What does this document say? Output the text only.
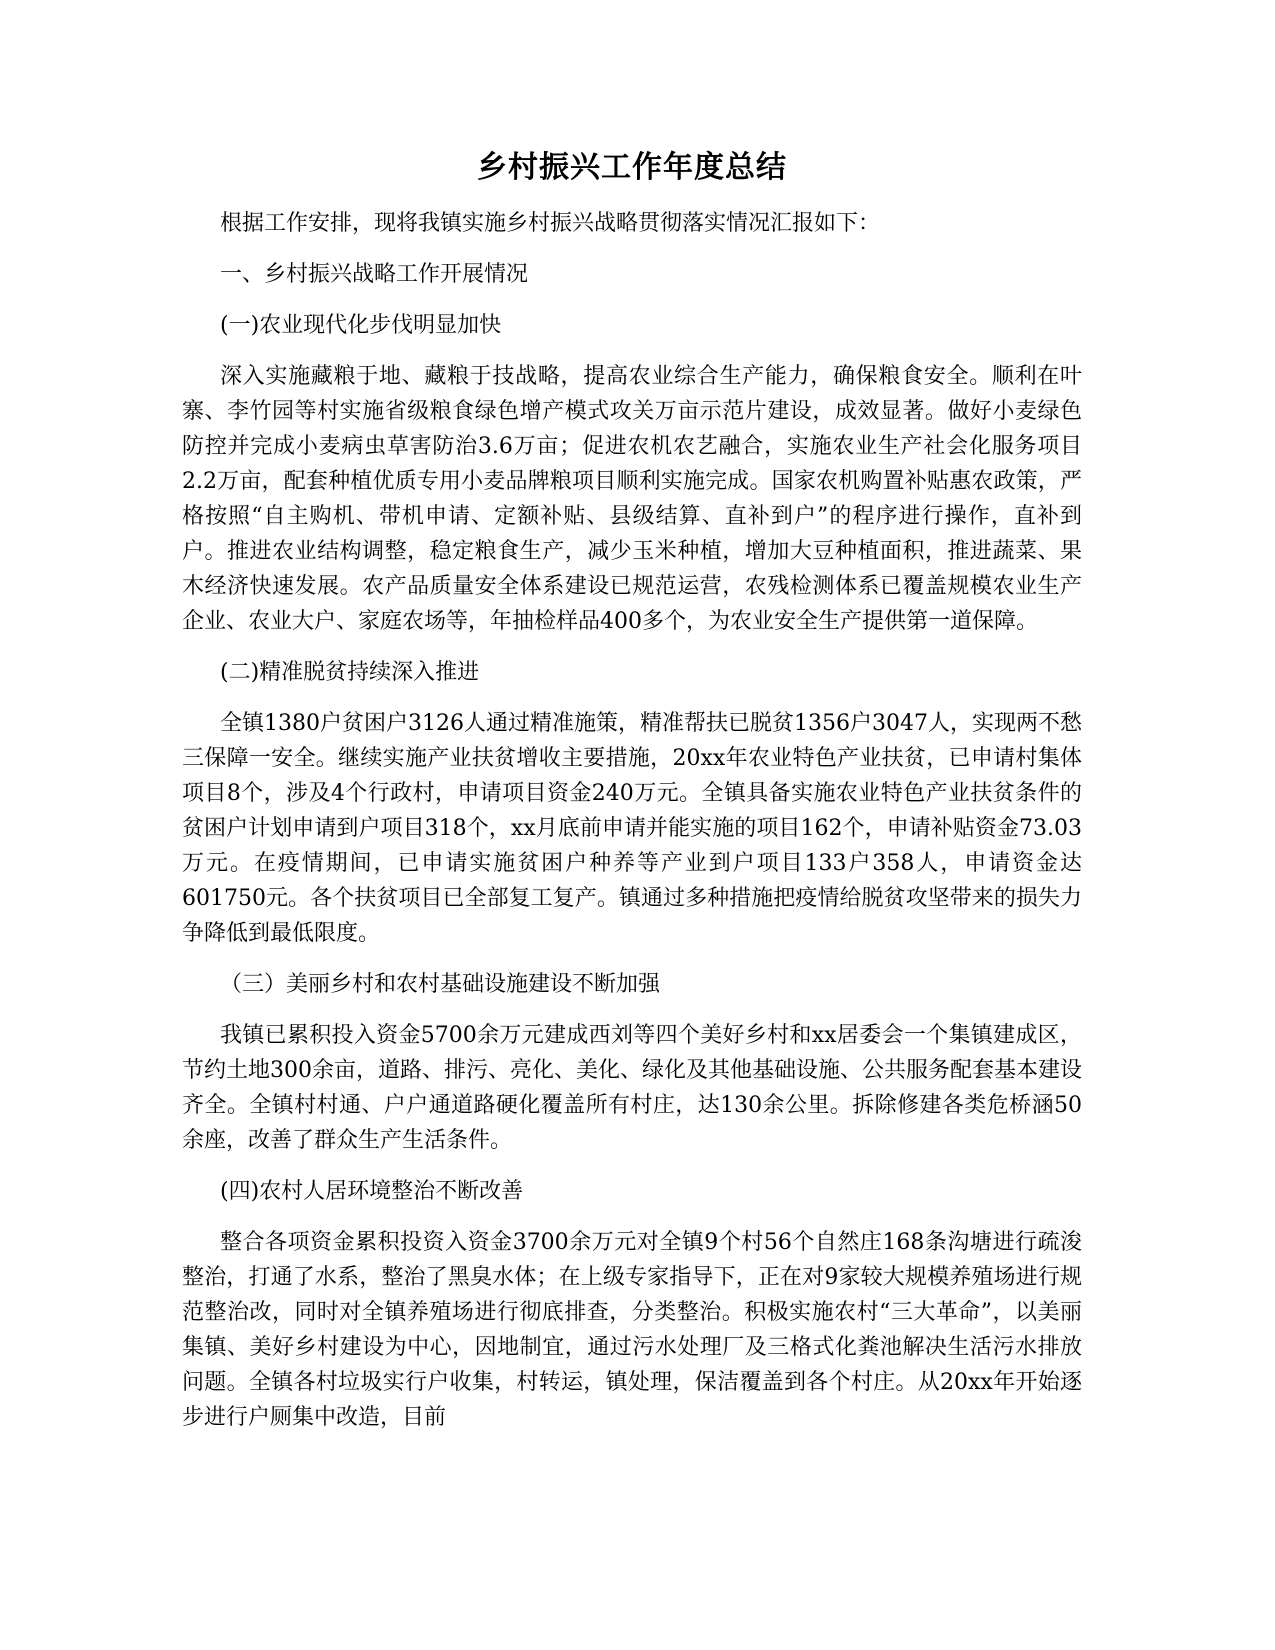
乡村振兴工作年度总结

根据工作安排，现将我镇实施乡村振兴战略贯彻落实情况汇报如下：

一、乡村振兴战略工作开展情况

(一)农业现代化步伐明显加快

深入实施藏粮于地、藏粮于技战略，提高农业综合生产能力，确保粮食安全。顺利在叶寨、李竹园等村实施省级粮食绿色增产模式攻关万亩示范片建设，成效显著。做好小麦绿色防控并完成小麦病虫草害防治3.6万亩；促进农机农艺融合，实施农业生产社会化服务项目2.2万亩，配套种植优质专用小麦品牌粮项目顺利实施完成。国家农机购置补贴惠农政策，严格按照“自主购机、带机申请、定额补贴、县级结算、直补到户”的程序进行操作，直补到户。推进农业结构调整，稳定粮食生产，减少玉米种植，增加大豆种植面积，推进蔬菜、果木经济快速发展。农产品质量安全体系建设已规范运营，农残检测体系已覆盖规模农业生产企业、农业大户、家庭农场等，年抽检样品400多个，为农业安全生产提供第一道保障。

(二)精准脱贫持续深入推进

全镇1380户贫困户3126人通过精准施策，精准帮扶已脱贫1356户3047人，实现两不愁三保障一安全。继续实施产业扶贫增收主要措施，20xx年农业特色产业扶贫，已申请村集体项目8个，涉及4个行政村，申请项目资金240万元。全镇具备实施农业特色产业扶贫条件的贫困户计划申请到户项目318个，xx月底前申请并能实施的项目162个，申请补贴资金73.03万元。在疫情期间，已申请实施贫困户种养等产业到户项目133户358人，申请资金达601750元。各个扶贫项目已全部复工复产。镇通过多种措施把疫情给脱贫攻坚带来的损失力争降低到最低限度。

（三）美丽乡村和农村基础设施建设不断加强

我镇已累积投入资金5700余万元建成西刘等四个美好乡村和xx居委会一个集镇建成区，节约土地300余亩，道路、排污、亮化、美化、绿化及其他基础设施、公共服务配套基本建设齐全。全镇村村通、户户通道路硬化覆盖所有村庄，达130余公里。拆除修建各类危桥涵50余座，改善了群众生产生活条件。

(四)农村人居环境整治不断改善

整合各项资金累积投资入资金3700余万元对全镇9个村56个自然庄168条沟塘进行疏浚整治，打通了水系，整治了黑臭水体；在上级专家指导下，正在对9家较大规模养殖场进行规范整治改，同时对全镇养殖场进行彻底排查，分类整治。积极实施农村“三大革命”，以美丽集镇、美好乡村建设为中心，因地制宜，通过污水处理厂及三格式化粪池解决生活污水排放问题。全镇各村垃圾实行户收集，村转运，镇处理，保洁覆盖到各个村庄。从20xx年开始逐步进行户厕集中改造，目前
